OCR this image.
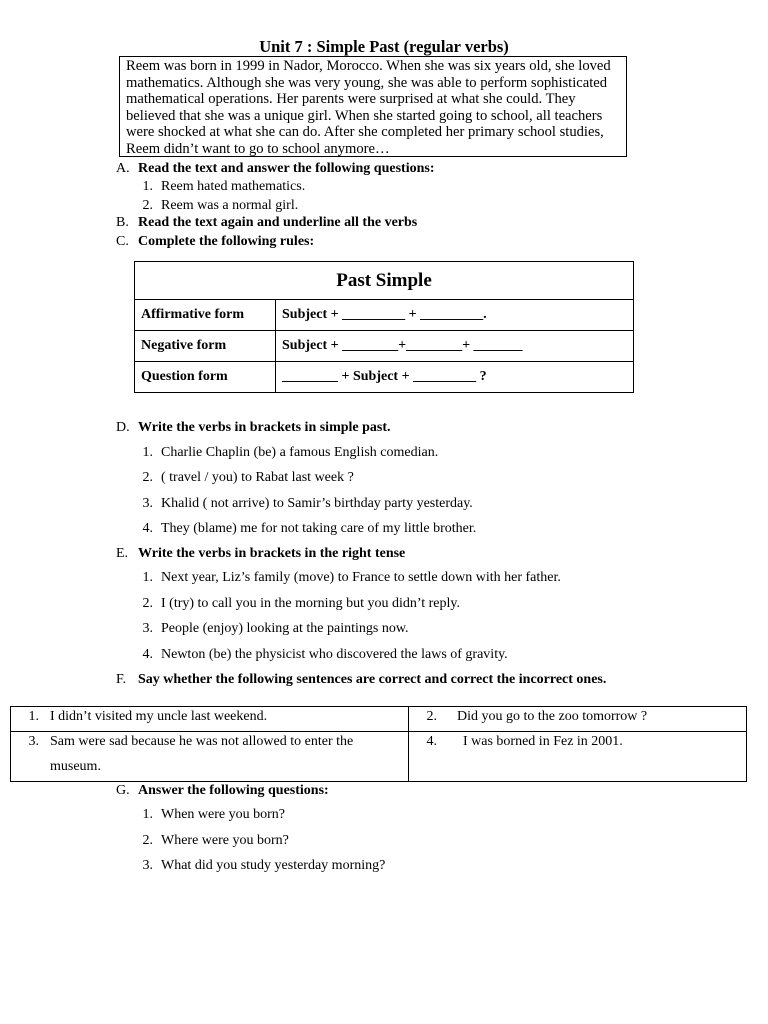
Unit 7 : Simple Past (regular verbs)
Reem was born in 1999 in Nador, Morocco. When she was six years old, she loved
mathematics. Although she was very young, she was able to perform sophisticated
mathematical operations. Her parents were surprised at what she could. They
believed that she was a unique girl. When she started going to school, all teachers
were shocked at what she can do. After she completed her primary school studies,
Reem didn’t want to go to school anymore…
A. Read the text and answer the following questions:
1. Reem hated mathematics.
2. Reem was a normal girl.
B. Read the text again and underline all the verbs
C. Complete the following rules:
Past Simple	
Affirmative form	Subject + _________ + _________.
Negative form	Subject + ________+________+ _______
Question form	________ + Subject + _________ ?
D. Write the verbs in brackets in simple past.
1. Charlie Chaplin (be) a famous English comedian.
2. ( travel / you) to Rabat last week ?
3. Khalid ( not arrive) to Samir’s birthday party yesterday.
4. They (blame) me for not taking care of my little brother.
E. Write the verbs in brackets in the right tense
1. Next year, Liz’s family (move) to France to settle down with her father.
2. I (try) to call you in the morning but you didn’t reply.
3. People (enjoy) looking at the paintings now.
4. Newton (be) the physicist who discovered the laws of gravity.
F. Say whether the following sentences are correct and correct the incorrect ones.
1. I didn’t visited my uncle last weekend.	2. Did you go to the zoo tomorrow ?

3. Sam were sad because he was not allowed to enter the
museum.	4. I was borned in Fez in 2001.
G. Answer the following questions:
1. When were you born?
2. Where were you born?
3. What did you study yesterday morning?
